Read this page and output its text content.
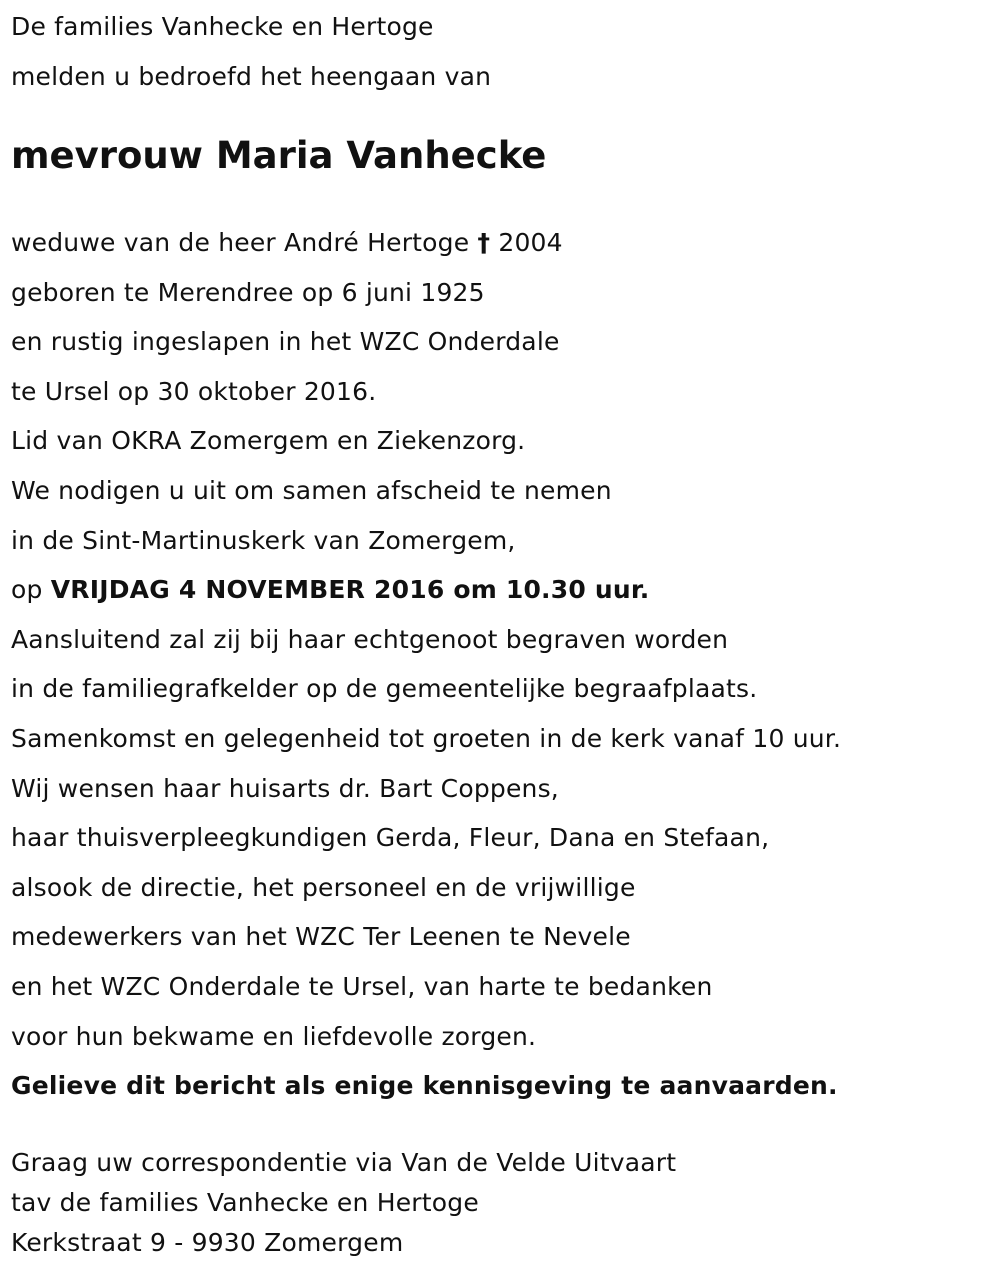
De families Vanhecke en Hertoge
melden u bedroefd het heengaan van
mevrouw Maria Vanhecke
weduwe van de heer André Hertoge † 2004
geboren te Merendree op 6 juni 1925
en rustig ingeslapen in het WZC Onderdale
te Ursel op 30 oktober 2016.
Lid van OKRA Zomergem en Ziekenzorg.
We nodigen u uit om samen afscheid te nemen
in de Sint-Martinuskerk van Zomergem,
op VRIJDAG 4 NOVEMBER 2016 om 10.30 uur.
Aansluitend zal zij bij haar echtgenoot begraven worden
in de familiegrafkelder op de gemeentelijke begraafplaats.
Samenkomst en gelegenheid tot groeten in de kerk vanaf 10 uur.
Wij wensen haar huisarts dr. Bart Coppens,
haar thuisverpleegkundigen Gerda, Fleur, Dana en Stefaan,
alsook de directie, het personeel en de vrijwillige
medewerkers van het WZC Ter Leenen te Nevele
en het WZC Onderdale te Ursel, van harte te bedanken
voor hun bekwame en liefdevolle zorgen.
Gelieve dit bericht als enige kennisgeving te aanvaarden.
Graag uw correspondentie via Van de Velde Uitvaart
tav de families Vanhecke en Hertoge
Kerkstraat 9 - 9930 Zomergem
